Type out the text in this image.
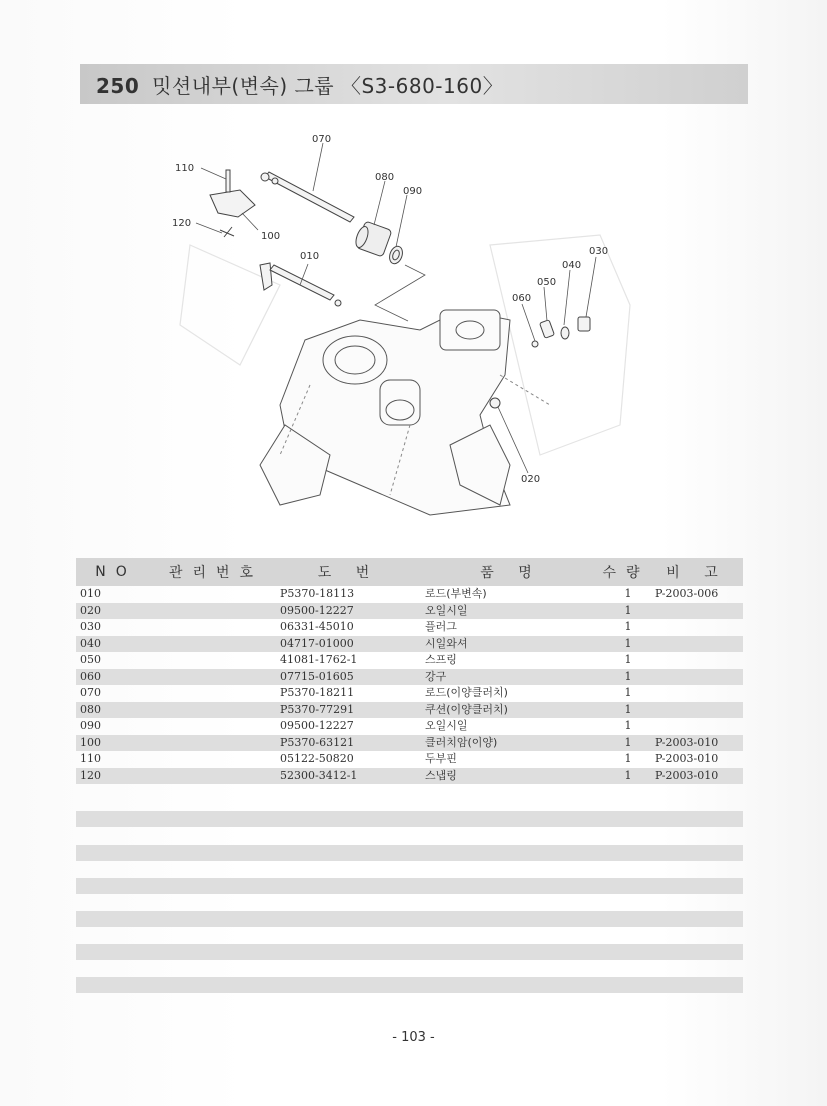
250 밋션내부(변속) 그룹 〈S3-680-160〉
070
080
090
110
120
100
010	030
040
050
060
020
NO	관리번호	도 번	품 명	수량	비 고
010		P5370-18113	로드(부변속)	1	P-2003-006
020		09500-12227	오일시일	1	
030		06331-45010	플러그	1	
040		04717-01000	시일와셔	1	
050		41081-1762-1	스프링	1	
060		07715-01605	강구	1	
070		P5370-18211	로드(이양클러치)	1	
080		P5370-77291	쿠션(이양클러치)	1	
090		09500-12227	오일시일	1	
100		P5370-63121	클러치암(이양)	1	P-2003-010
110		05122-50820	두부핀	1	P-2003-010
120		52300-3412-1	스냅링	1	P-2003-010
- 103 -
